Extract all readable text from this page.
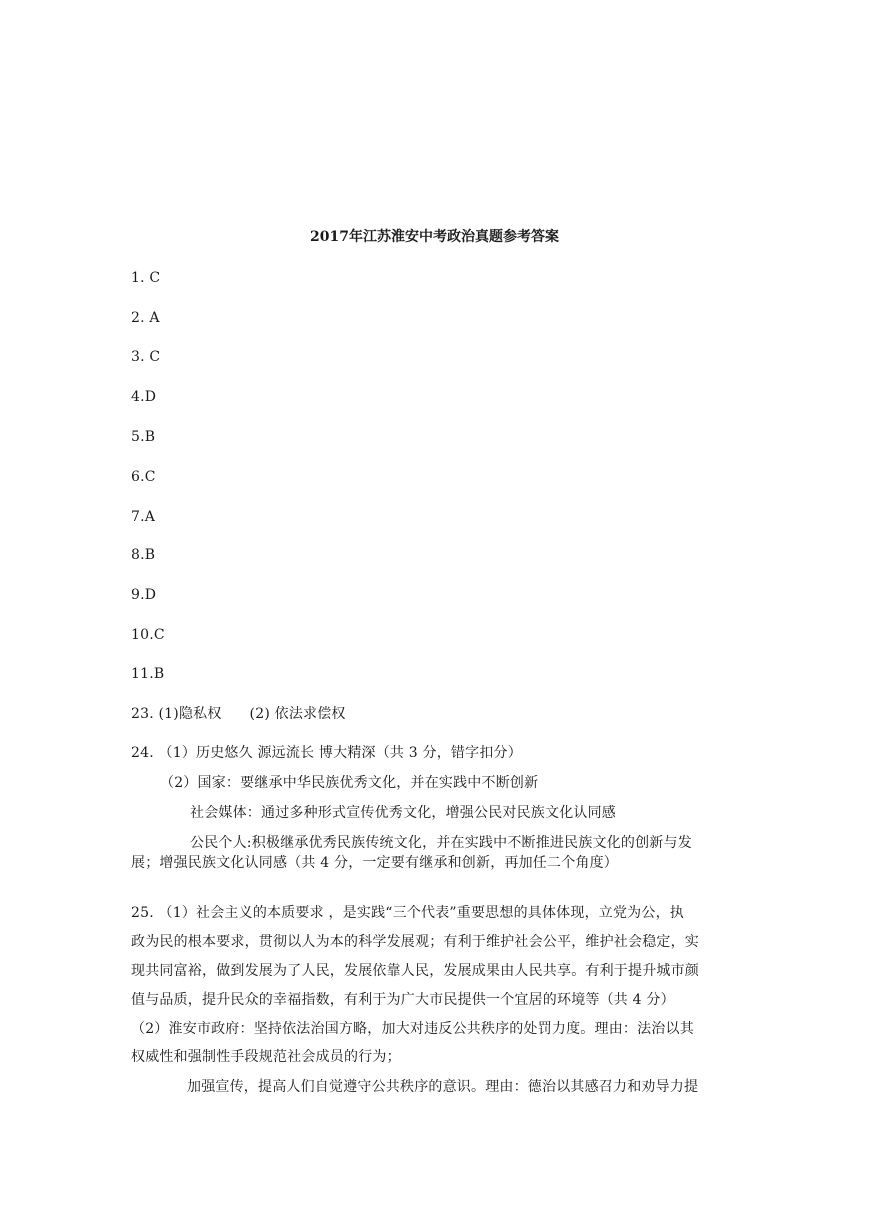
2017年江苏淮安中考政治真题参考答案
1. C
2. A
3. C
4.D
5.B
6.C
7.A
8.B
9.D
10.C
11.B
23. (1)隐私权 (2) 依法求偿权
24. （1）历史悠久 源远流长 博大精深（共 3 分，错字扣分）
（2）国家：要继承中华民族优秀文化，并在实践中不断创新
社会媒体：通过多种形式宣传优秀文化，增强公民对民族文化认同感
公民个人:积极继承优秀民族传统文化，并在实践中不断推进民族文化的创新与发
展；增强民族文化认同感（共 4 分，一定要有继承和创新，再加任二个角度）
25. （1）社会主义的本质要求 ，是实践“三个代表”重要思想的具体体现，立党为公，执
政为民的根本要求，贯彻以人为本的科学发展观；有利于维护社会公平，维护社会稳定，实
现共同富裕，做到发展为了人民，发展依靠人民，发展成果由人民共享。有利于提升城市颜
值与品质，提升民众的幸福指数，有利于为广大市民提供一个宜居的环境等（共 4 分）
（2）淮安市政府：坚持依法治国方略，加大对违反公共秩序的处罚力度。理由：法治以其
权威性和强制性手段规范社会成员的行为；
加强宣传，提高人们自觉遵守公共秩序的意识。理由：德治以其感召力和劝导力提
